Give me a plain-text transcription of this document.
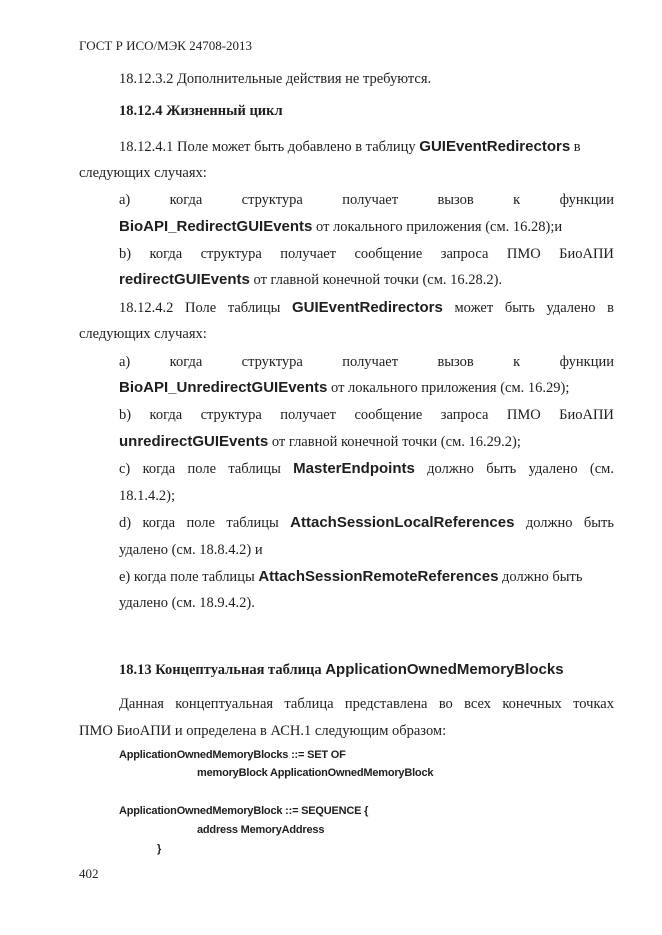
ГОСТ Р ИСО/МЭК 24708-2013
18.12.3.2 Дополнительные действия не требуются.
18.12.4 Жизненный цикл
18.12.4.1 Поле может быть добавлено в таблицу GUIEventRedirectors в
следующих случаях:
а)	когда	структура	получает	вызов	к	функции
BioAPI_RedirectGUIEvents от локального приложения (см. 16.28);и
b) когда структура получает сообщение запроса ПМО БиоАПИ
redirectGUIEvents от главной конечной точки (см. 16.28.2).
18.12.4.2 Поле таблицы GUIEventRedirectors может быть удалено в
следующих случаях:
а)	когда	структура	получает	вызов	к	функции
BioAPI_UnredirectGUIEvents от локального приложения (см. 16.29);
b) когда структура получает сообщение запроса ПМО БиоАПИ
unredirectGUIEvents от главной конечной точки (см. 16.29.2);
с) когда поле таблицы MasterEndpoints должно быть удалено (см.
18.1.4.2);
d) когда поле таблицы AttachSessionLocalReferences должно быть
удалено (см. 18.8.4.2) и
е) когда поле таблицы AttachSessionRemoteReferences должно быть
удалено (см. 18.9.4.2).
18.13 Концептуальная таблица ApplicationOwnedMemoryBlocks
Данная концептуальная таблица представлена во всех конечных точках
ПМО БиоАПИ и определена в АСН.1 следующим образом:
ApplicationOwnedMemoryBlocks ::= SET OF
memoryBlock ApplicationOwnedMemoryBlock
ApplicationOwnedMemoryBlock ::= SEQUENCE {
address MemoryAddress
}
402
